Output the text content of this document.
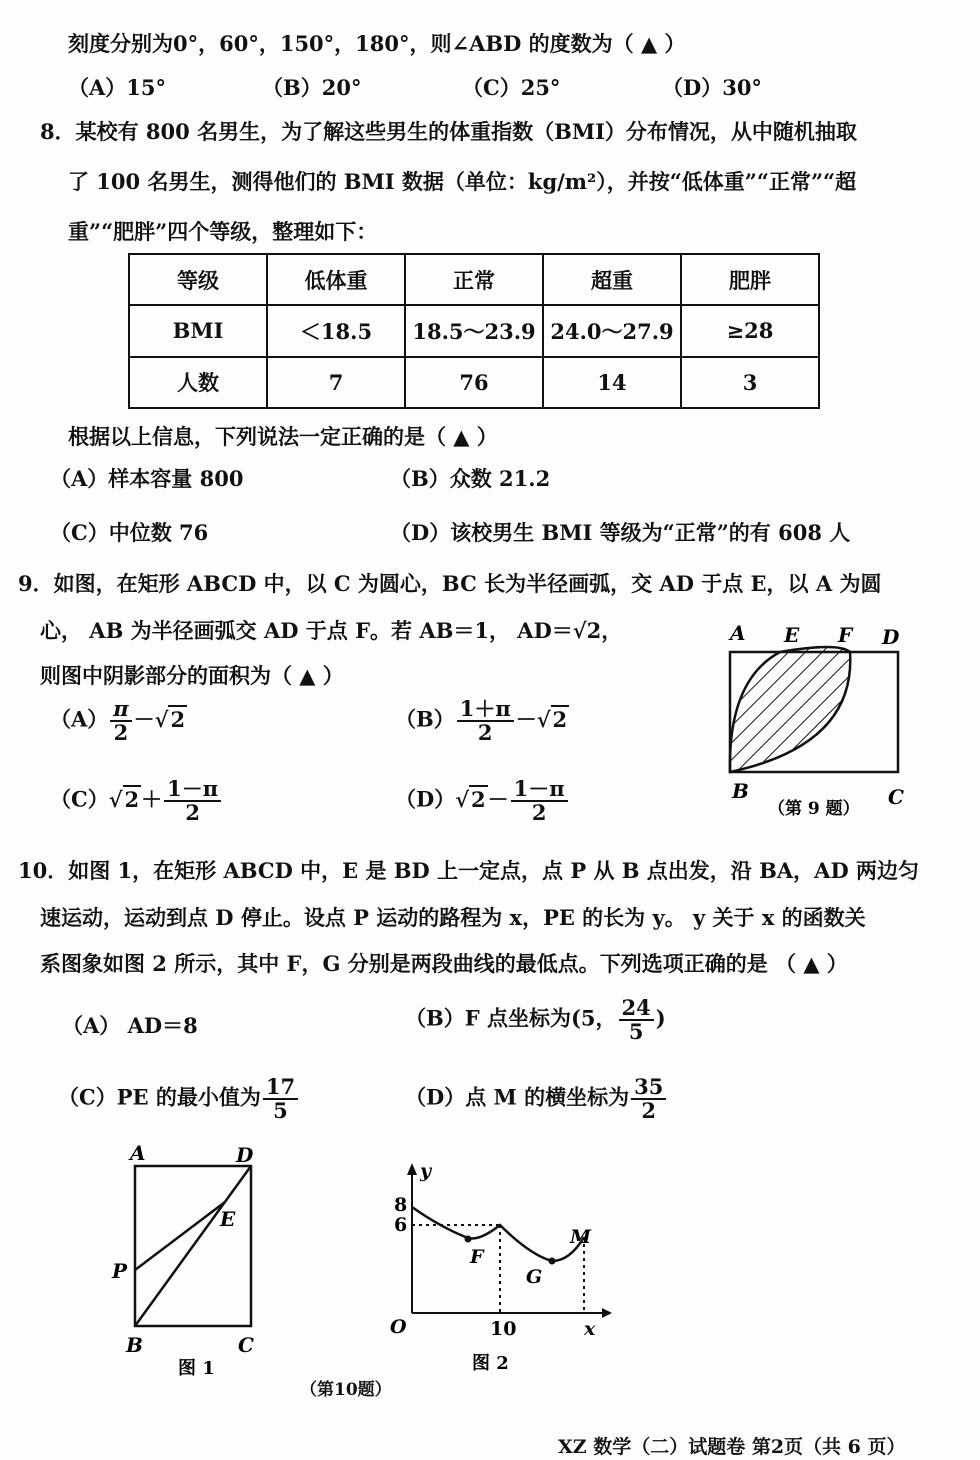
刻度分别为0°，60°，150°，180°，则∠ABD 的度数为（ ▲ ）
（A）15°	（B）20°	（C）25°	（D）30°
8．某校有 800 名男生，为了解这些男生的体重指数（BMI）分布情况，从中随机抽取
了 100 名男生，测得他们的 BMI 数据（单位：kg/m²），并按“低体重”“正常”“超
重”“肥胖”四个等级，整理如下：
等级	低体重	正常	超重	肥胖
BMI	＜18.5	18.5～23.9	24.0～27.9	≥28
人数	7	76	14	3
根据以上信息，下列说法一定正确的是（ ▲ ）
（A）样本容量 800	（B）众数 21.2
（C）中位数 76	（D）该校男生 BMI 等级为“正常”的有 608 人
9．如图，在矩形 ABCD 中，以 C 为圆心，BC 长为半径画弧，交 AD 于点 E，以 A 为圆
心， AB 为半径画弧交 AD 于点 F。若 AB＝1， AD＝√2，
则图中阴影部分的面积为（ ▲ ）
$(A) \frac{\pi}{2} -√2$	$(B) \frac{1+\pi}{2} -√2$
$(C)√2+ \frac{1-\pi}{2}$	$(D)√2- \frac{1-\pi}{2}$
A E F D
B	C
（第 9 题）
10．如图 1，在矩形 ABCD 中，E 是 BD 上一定点，点 P 从 B 点出发，沿 BA，AD 两边匀
速运动，运动到点 D 停止。设点 P 运动的路程为 x，PE 的长为 y。 y 关于 x 的函数关
系图象如图 2 所示，其中 F，G 分别是两段曲线的最低点。下列选项正确的是 （ ▲ ）
（A） AD＝8	（B）F 点坐标为(5， $\frac{24}{5}$ )
（C）PE 的最小值为 $\frac{17}{5}$	（D）点 M 的横坐标为 $\frac{35}{2}$
A	D
E
P
B	C
图 1
y
8
6
F
M
G
O	10	x
图 2
（第10题）
XZ 数学（二）试题卷 第2页（共 6 页）
